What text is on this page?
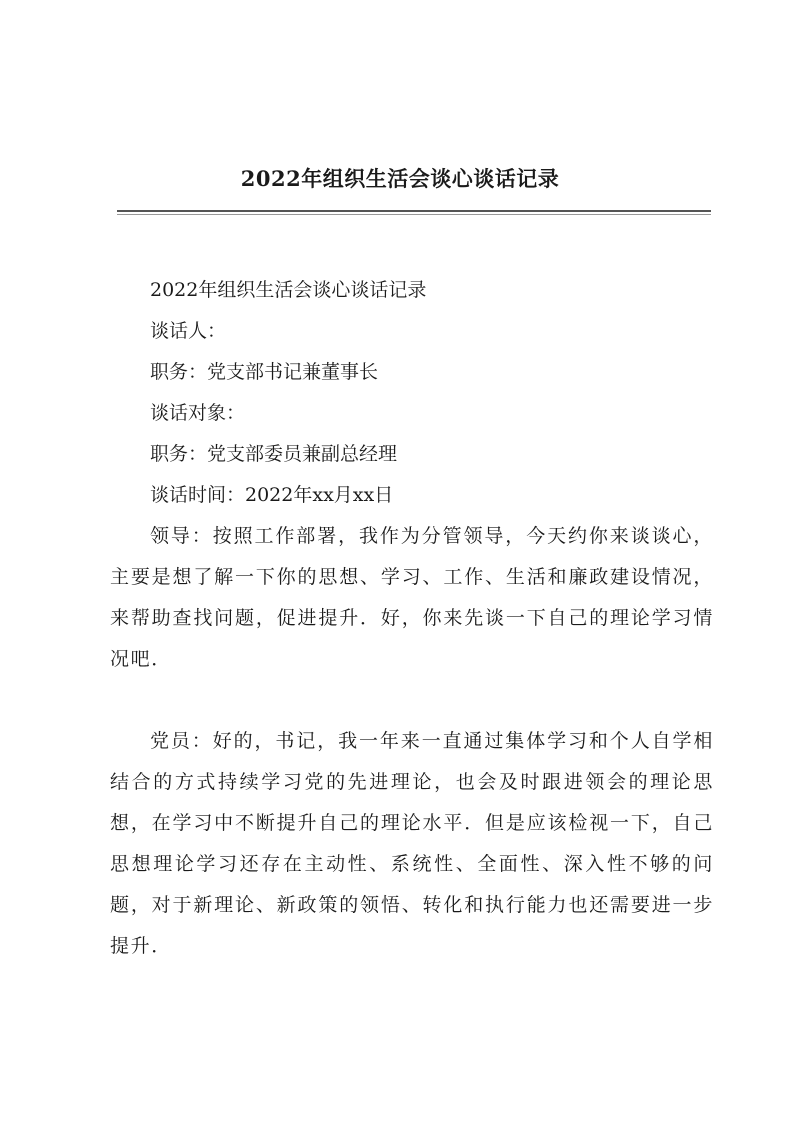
2022年组织生活会谈心谈话记录

2022年组织生活会谈心谈话记录

谈话人：

职务：党支部书记兼董事长

谈话对象：

职务：党支部委员兼副总经理

谈话时间：2022年xx月xx日

领导：按照工作部署，我作为分管领导，今天约你来谈谈心，主要是想了解一下你的思想、学习、工作、生活和廉政建设情况，来帮助查找问题，促进提升．好，你来先谈一下自己的理论学习情况吧．

党员：好的，书记，我一年来一直通过集体学习和个人自学相结合的方式持续学习党的先进理论，也会及时跟进领会的理论思想，在学习中不断提升自己的理论水平．但是应该检视一下，自己思想理论学习还存在主动性、系统性、全面性、深入性不够的问题，对于新理论、新政策的领悟、转化和执行能力也还需要进一步提升．
